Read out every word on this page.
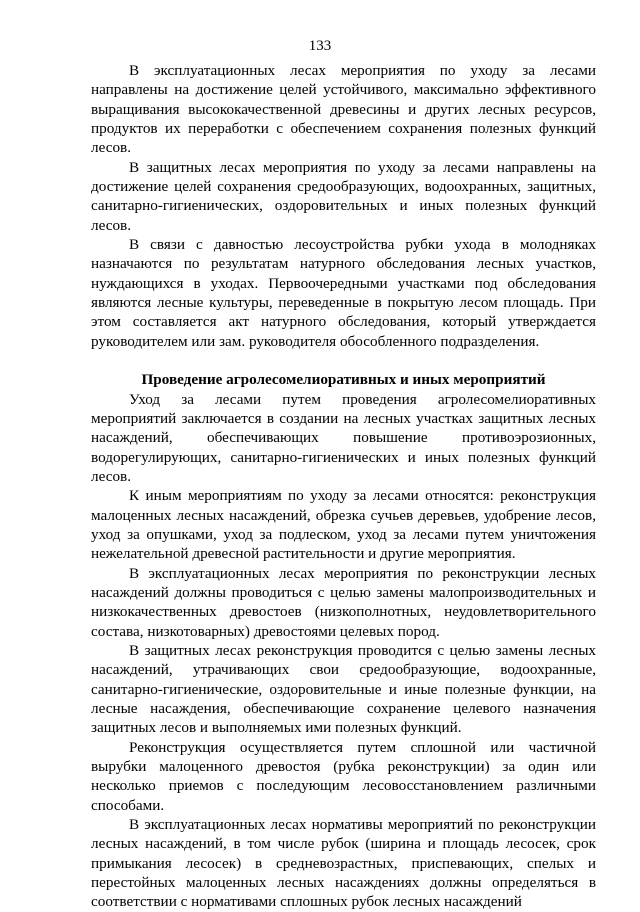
133

В эксплуатационных лесах мероприятия по уходу за лесами направлены на достижение целей устойчивого, максимально эффективного выращивания высококачественной древесины и других лесных ресурсов, продуктов их переработки с обеспечением сохранения полезных функций лесов.

В защитных лесах мероприятия по уходу за лесами направлены на достижение целей сохранения средообразующих, водоохранных, защитных, санитарно-гигиенических, оздоровительных и иных полезных функций лесов.

В связи с давностью лесоустройства рубки ухода в молодняках назначаются по результатам натурного обследования лесных участков, нуждающихся в уходах. Первоочередными участками под обследования являются лесные культуры, переведенные в покрытую лесом площадь. При этом составляется акт натурного обследования, который утверждается руководителем или зам. руководителя обособленного подразделения.

Проведение агролесомелиоративных и иных мероприятий

Уход за лесами путем проведения агролесомелиоративных мероприятий заключается в создании на лесных участках защитных лесных насаждений, обеспечивающих повышение противоэрозионных, водорегулирующих, санитарно-гигиенических и иных полезных функций лесов.

К иным мероприятиям по уходу за лесами относятся: реконструкция малоценных лесных насаждений, обрезка сучьев деревьев, удобрение лесов, уход за опушками, уход за подлеском, уход за лесами путем уничтожения нежелательной древесной растительности и другие мероприятия.

В эксплуатационных лесах мероприятия по реконструкции лесных насаждений должны проводиться с целью замены малопроизводительных и низкокачественных древостоев (низкополнотных, неудовлетворительного состава, низкотоварных) древостоями целевых пород.

В защитных лесах реконструкция проводится с целью замены лесных насаждений, утрачивающих свои средообразующие, водоохранные, санитарно-гигиенические, оздоровительные и иные полезные функции, на лесные насаждения, обеспечивающие сохранение целевого назначения защитных лесов и выполняемых ими полезных функций.

Реконструкция осуществляется путем сплошной или частичной вырубки малоценного древостоя (рубка реконструкции) за один или несколько приемов с последующим лесовосстановлением различными способами.

В эксплуатационных лесах нормативы мероприятий по реконструкции лесных насаждений, в том числе рубок (ширина и площадь лесосек, срок примыкания лесосек) в средневозрастных, приспевающих, спелых и перестойных малоценных лесных насаждениях должны определяться в соответствии с нормативами сплошных рубок лесных насаждений
